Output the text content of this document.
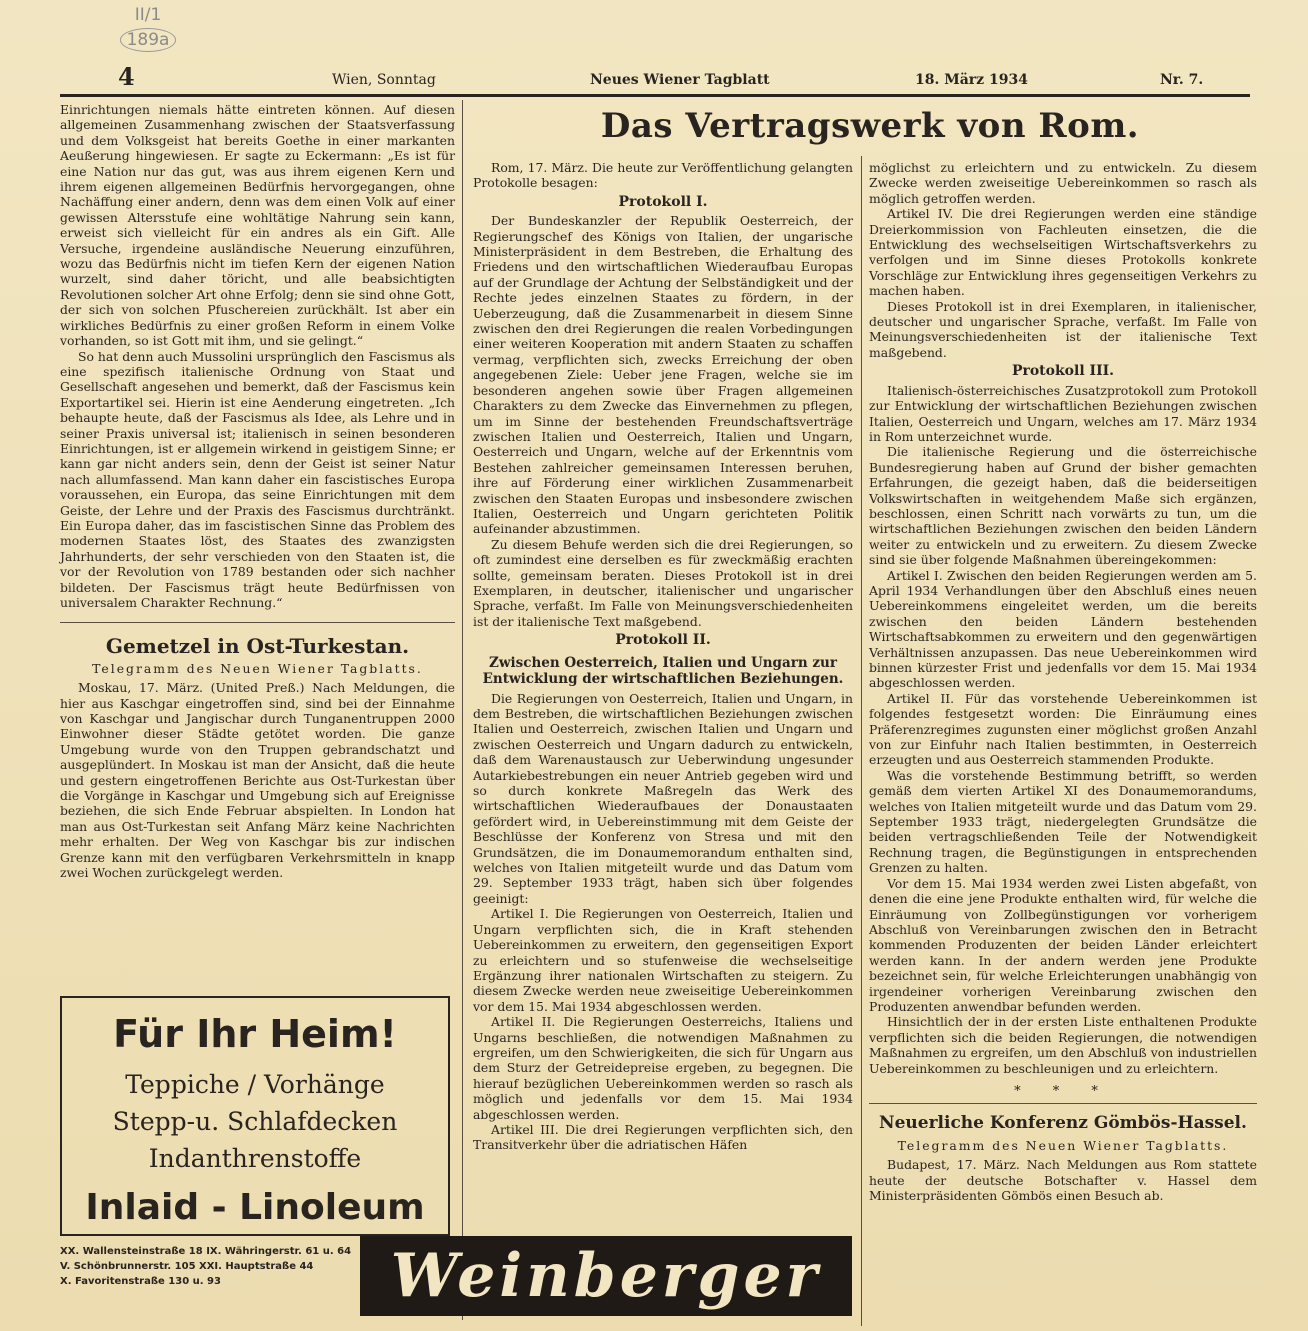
II/1
189a
4	Wien, Sonntag	Neues Wiener Tagblatt	18. März 1934	Nr. 7.
Das Vertragswerk von Rom.

Einrichtungen niemals hätte eintreten können. Auf diesen allgemeinen Zusammenhang zwischen der Staatsverfassung und dem Volksgeist hat bereits Goethe in einer markanten Aeußerung hingewiesen. Er sagte zu Eckermann: „Es ist für eine Nation nur das gut, was aus ihrem eigenen Kern und ihrem eigenen allgemeinen Bedürfnis hervorgegangen, ohne Nachäffung einer andern, denn was dem einen Volk auf einer gewissen Altersstufe eine wohltätige Nahrung sein kann, erweist sich vielleicht für ein andres als ein Gift. Alle Versuche, irgendeine ausländische Neuerung einzuführen, wozu das Bedürfnis nicht im tiefen Kern der eigenen Nation wurzelt, sind daher töricht, und alle beabsichtigten Revolutionen solcher Art ohne Erfolg; denn sie sind ohne Gott, der sich von solchen Pfuschereien zurückhält. Ist aber ein wirkliches Bedürfnis zu einer großen Reform in einem Volke vorhanden, so ist Gott mit ihm, und sie gelingt.“

So hat denn auch Mussolini ursprünglich den Fascismus als eine spezifisch italienische Ordnung von Staat und Gesellschaft angesehen und bemerkt, daß der Fascismus kein Exportartikel sei. Hierin ist eine Aenderung eingetreten. „Ich behaupte heute, daß der Fascismus als Idee, als Lehre und in seiner Praxis universal ist; italienisch in seinen besonderen Einrichtungen, ist er allgemein wirkend in geistigem Sinne; er kann gar nicht anders sein, denn der Geist ist seiner Natur nach allumfassend. Man kann daher ein fascistisches Europa voraussehen, ein Europa, das seine Einrichtungen mit dem Geiste, der Lehre und der Praxis des Fascismus durchtränkt. Ein Europa daher, das im fascistischen Sinne das Problem des modernen Staates löst, des Staates des zwanzigsten Jahrhunderts, der sehr verschieden von den Staaten ist, die vor der Revolution von 1789 bestanden oder sich nachher bildeten. Der Fascismus trägt heute Bedürfnissen von universalem Charakter Rechnung.“

Gemetzel in Ost-Turkestan.
Telegramm des Neuen Wiener Tagblatts.

Moskau, 17. März. (United Preß.) Nach Meldungen, die hier aus Kaschgar eingetroffen sind, sind bei der Einnahme von Kaschgar und Jangischar durch Tunganentruppen 2000 Einwohner dieser Städte getötet worden. Die ganze Umgebung wurde von den Truppen gebrandschatzt und ausgeplündert. In Moskau ist man der Ansicht, daß die heute und gestern eingetroffenen Berichte aus Ost-Turkestan über die Vorgänge in Kaschgar und Umgebung sich auf Ereignisse beziehen, die sich Ende Februar abspielten. In London hat man aus Ost-Turkestan seit Anfang März keine Nachrichten mehr erhalten. Der Weg von Kaschgar bis zur indischen Grenze kann mit den verfügbaren Verkehrsmitteln in knapp zwei Wochen zurückgelegt werden.

Rom, 17. März. Die heute zur Veröffentlichung gelangten Protokolle besagen:

Protokoll I.

Der Bundeskanzler der Republik Oesterreich, der Regierungschef des Königs von Italien, der ungarische Ministerpräsident in dem Bestreben, die Erhaltung des Friedens und den wirtschaftlichen Wiederaufbau Europas auf der Grundlage der Achtung der Selbständigkeit und der Rechte jedes einzelnen Staates zu fördern, in der Ueberzeugung, daß die Zusammenarbeit in diesem Sinne zwischen den drei Regierungen die realen Vorbedingungen einer weiteren Kooperation mit andern Staaten zu schaffen vermag, verpflichten sich, zwecks Erreichung der oben angegebenen Ziele: Ueber jene Fragen, welche sie im besonderen angehen sowie über Fragen allgemeinen Charakters zu dem Zwecke das Einvernehmen zu pflegen, um im Sinne der bestehenden Freundschaftsverträge zwischen Italien und Oesterreich, Italien und Ungarn, Oesterreich und Ungarn, welche auf der Erkenntnis vom Bestehen zahlreicher gemeinsamen Interessen beruhen, ihre auf Förderung einer wirklichen Zusammenarbeit zwischen den Staaten Europas und insbesondere zwischen Italien, Oesterreich und Ungarn gerichteten Politik aufeinander abzustimmen.

Zu diesem Behufe werden sich die drei Regierungen, so oft zumindest eine derselben es für zweckmäßig erachten sollte, gemeinsam beraten. Dieses Protokoll ist in drei Exemplaren, in deutscher, italienischer und ungarischer Sprache, verfaßt. Im Falle von Meinungsverschiedenheiten ist der italienische Text maßgebend.

Protokoll II.
Zwischen Oesterreich, Italien und Ungarn zur Entwicklung der wirtschaftlichen Beziehungen.

Die Regierungen von Oesterreich, Italien und Ungarn, in dem Bestreben, die wirtschaftlichen Beziehungen zwischen Italien und Oesterreich, zwischen Italien und Ungarn und zwischen Oesterreich und Ungarn dadurch zu entwickeln, daß dem Warenaustausch zur Ueberwindung ungesunder Autarkiebestrebungen ein neuer Antrieb gegeben wird und so durch konkrete Maßregeln das Werk des wirtschaftlichen Wiederaufbaues der Donaustaaten gefördert wird, in Uebereinstimmung mit dem Geiste der Beschlüsse der Konferenz von Stresa und mit den Grundsätzen, die im Donaumemorandum enthalten sind, welches von Italien mitgeteilt wurde und das Datum vom 29. September 1933 trägt, haben sich über folgendes geeinigt:

Artikel I. Die Regierungen von Oesterreich, Italien und Ungarn verpflichten sich, die in Kraft stehenden Uebereinkommen zu erweitern, den gegenseitigen Export zu erleichtern und so stufenweise die wechselseitige Ergänzung ihrer nationalen Wirtschaften zu steigern. Zu diesem Zwecke werden neue zweiseitige Uebereinkommen vor dem 15. Mai 1934 abgeschlossen werden.

Artikel II. Die Regierungen Oesterreichs, Italiens und Ungarns beschließen, die notwendigen Maßnahmen zu ergreifen, um den Schwierigkeiten, die sich für Ungarn aus dem Sturz der Getreidepreise ergeben, zu begegnen. Die hierauf bezüglichen Uebereinkommen werden so rasch als möglich und jedenfalls vor dem 15. Mai 1934 abgeschlossen werden.

Artikel III. Die drei Regierungen verpflichten sich, den Transitverkehr über die adriatischen Häfen

möglichst zu erleichtern und zu entwickeln. Zu diesem Zwecke werden zweiseitige Uebereinkommen so rasch als möglich getroffen werden.

Artikel IV. Die drei Regierungen werden eine ständige Dreierkommission von Fachleuten einsetzen, die die Entwicklung des wechselseitigen Wirtschaftsverkehrs zu verfolgen und im Sinne dieses Protokolls konkrete Vorschläge zur Entwicklung ihres gegenseitigen Verkehrs zu machen haben.

Dieses Protokoll ist in drei Exemplaren, in italienischer, deutscher und ungarischer Sprache, verfaßt. Im Falle von Meinungsverschiedenheiten ist der italienische Text maßgebend.

Protokoll III.

Italienisch-österreichisches Zusatzprotokoll zum Protokoll zur Entwicklung der wirtschaftlichen Beziehungen zwischen Italien, Oesterreich und Ungarn, welches am 17. März 1934 in Rom unterzeichnet wurde.

Die italienische Regierung und die österreichische Bundesregierung haben auf Grund der bisher gemachten Erfahrungen, die gezeigt haben, daß die beiderseitigen Volkswirtschaften in weitgehendem Maße sich ergänzen, beschlossen, einen Schritt nach vorwärts zu tun, um die wirtschaftlichen Beziehungen zwischen den beiden Ländern weiter zu entwickeln und zu erweitern. Zu diesem Zwecke sind sie über folgende Maßnahmen übereingekommen:

Artikel I. Zwischen den beiden Regierungen werden am 5. April 1934 Verhandlungen über den Abschluß eines neuen Uebereinkommens eingeleitet werden, um die bereits zwischen den beiden Ländern bestehenden Wirtschaftsabkommen zu erweitern und den gegenwärtigen Verhältnissen anzupassen. Das neue Uebereinkommen wird binnen kürzester Frist und jedenfalls vor dem 15. Mai 1934 abgeschlossen werden.

Artikel II. Für das vorstehende Uebereinkommen ist folgendes festgesetzt worden: Die Einräumung eines Präferenzregimes zugunsten einer möglichst großen Anzahl von zur Einfuhr nach Italien bestimmten, in Oesterreich erzeugten und aus Oesterreich stammenden Produkte.

Was die vorstehende Bestimmung betrifft, so werden gemäß dem vierten Artikel XI des Donaumemorandums, welches von Italien mitgeteilt wurde und das Datum vom 29. September 1933 trägt, niedergelegten Grundsätze die beiden vertragschließenden Teile der Notwendigkeit Rechnung tragen, die Begünstigungen in entsprechenden Grenzen zu halten.

Vor dem 15. Mai 1934 werden zwei Listen abgefaßt, von denen die eine jene Produkte enthalten wird, für welche die Einräumung von Zollbegünstigungen vor vorherigem Abschluß von Vereinbarungen zwischen den in Betracht kommenden Produzenten der beiden Länder erleichtert werden kann. In der andern werden jene Produkte bezeichnet sein, für welche Erleichterungen unabhängig von irgendeiner vorherigen Vereinbarung zwischen den Produzenten anwendbar befunden werden.

Hinsichtlich der in der ersten Liste enthaltenen Produkte verpflichten sich die beiden Regierungen, die notwendigen Maßnahmen zu ergreifen, um den Abschluß von industriellen Uebereinkommen zu beschleunigen und zu erleichtern.

* * *
Neuerliche Konferenz Gömbös-Hassel.
Telegramm des Neuen Wiener Tagblatts.

Budapest, 17. März. Nach Meldungen aus Rom stattete heute der deutsche Botschafter v. Hassel dem Ministerpräsidenten Gömbös einen Besuch ab.

Für Ihr Heim!
Teppiche / Vorhänge
Stepp-u. Schlafdecken
Indanthrenstoffe
Inlaid - Linoleum
XX. Wallensteinstraße 18 IX. Währingerstr. 61 u. 64
V. Schönbrunnerstr. 105 XXI. Hauptstraße 44
X. Favoritenstraße 130 u. 93	Weinberger
